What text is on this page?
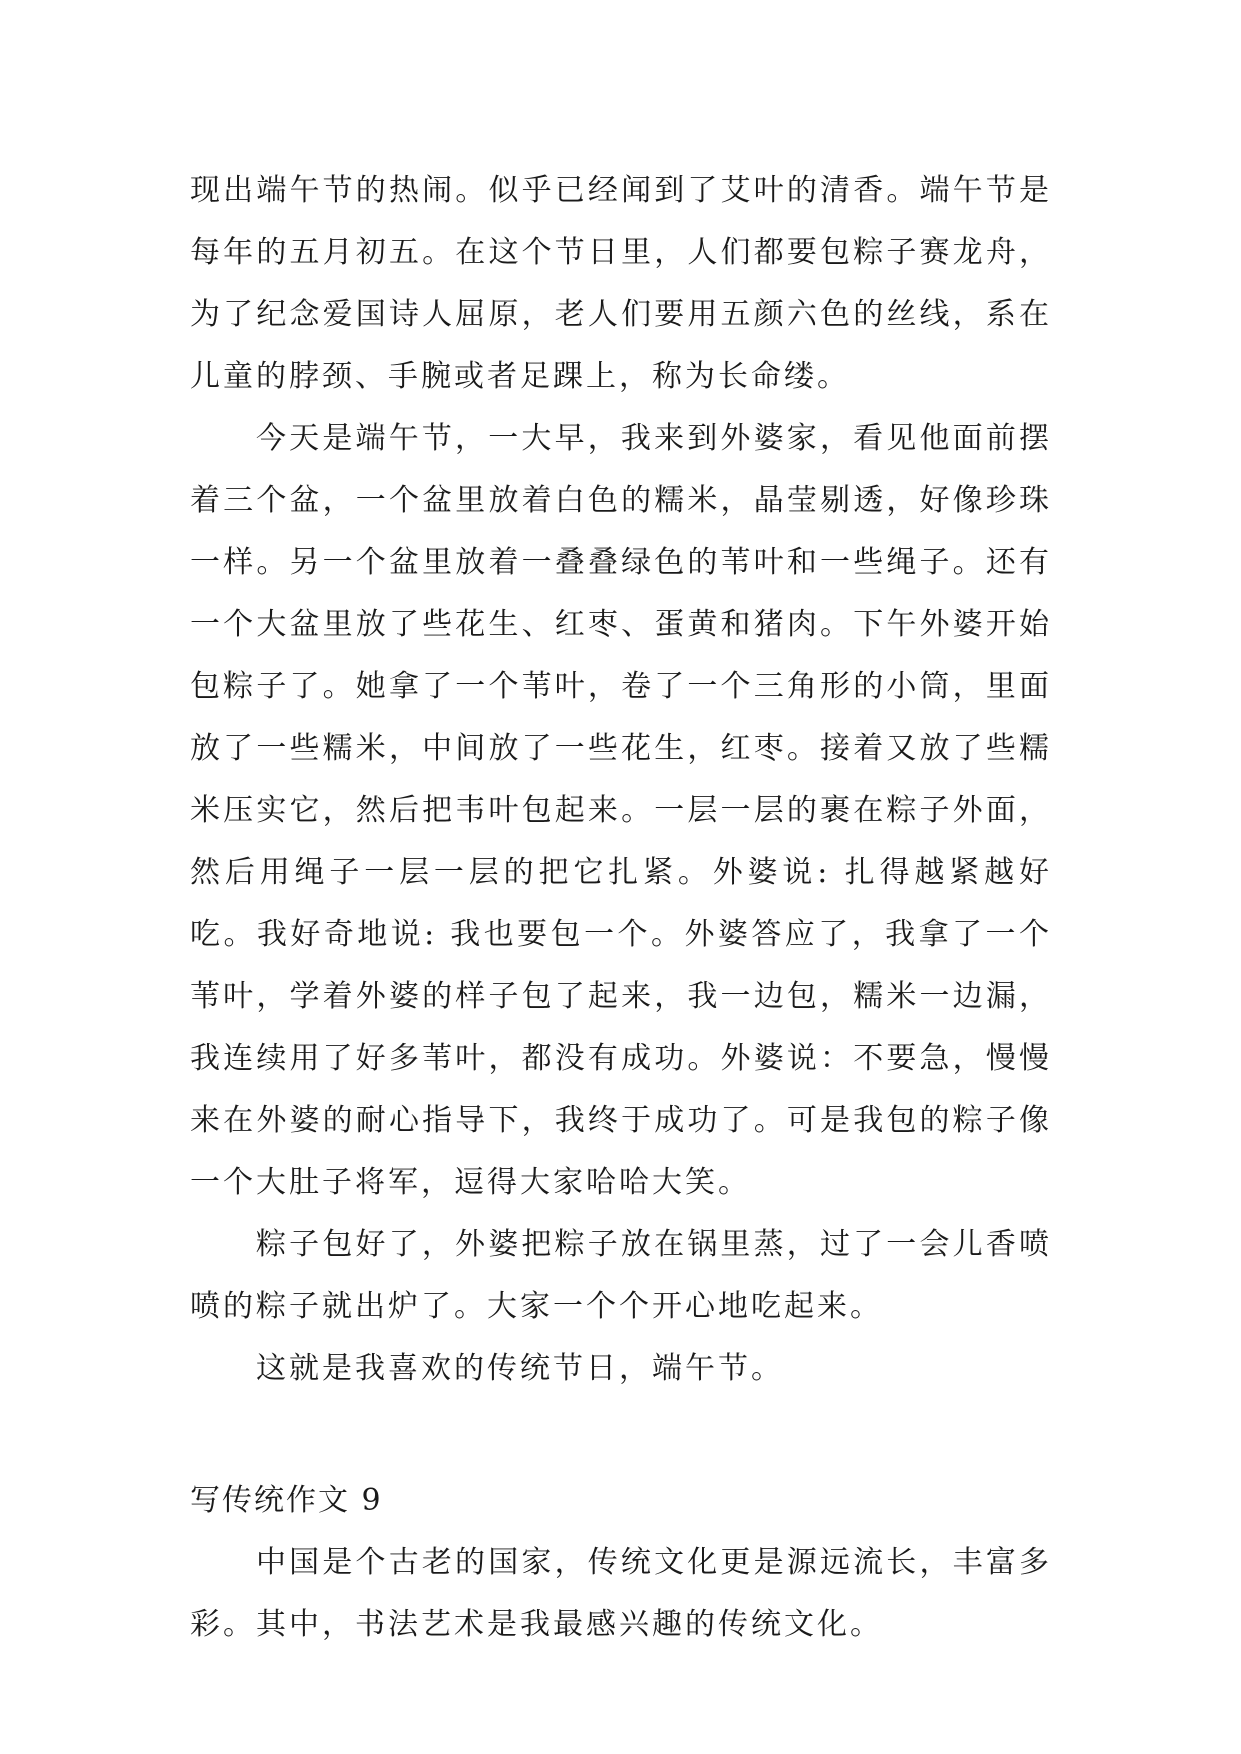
现出端午节的热闹。似乎已经闻到了艾叶的清香。端午节是每年的五月初五。在这个节日里，人们都要包粽子赛龙舟，为了纪念爱国诗人屈原，老人们要用五颜六色的丝线，系在儿童的脖颈、手腕或者足踝上，称为长命缕。

今天是端午节，一大早，我来到外婆家，看见他面前摆着三个盆，一个盆里放着白色的糯米，晶莹剔透，好像珍珠一样。另一个盆里放着一叠叠绿色的苇叶和一些绳子。还有一个大盆里放了些花生、红枣、蛋黄和猪肉。下午外婆开始包粽子了。她拿了一个苇叶，卷了一个三角形的小筒，里面放了一些糯米，中间放了一些花生，红枣。接着又放了些糯米压实它，然后把韦叶包起来。一层一层的裹在粽子外面，然后用绳子一层一层的把它扎紧。外婆说: 扎得越紧越好吃。我好奇地说: 我也要包一个。外婆答应了，我拿了一个苇叶，学着外婆的样子包了起来，我一边包，糯米一边漏，我连续用了好多苇叶，都没有成功。外婆说：不要急，慢慢来在外婆的耐心指导下，我终于成功了。可是我包的粽子像一个大肚子将军，逗得大家哈哈大笑。

粽子包好了，外婆把粽子放在锅里蒸，过了一会儿香喷喷的粽子就出炉了。大家一个个开心地吃起来。

这就是我喜欢的传统节日，端午节。

写传统作文 9

中国是个古老的国家，传统文化更是源远流长，丰富多彩。其中，书法艺术是我最感兴趣的传统文化。
